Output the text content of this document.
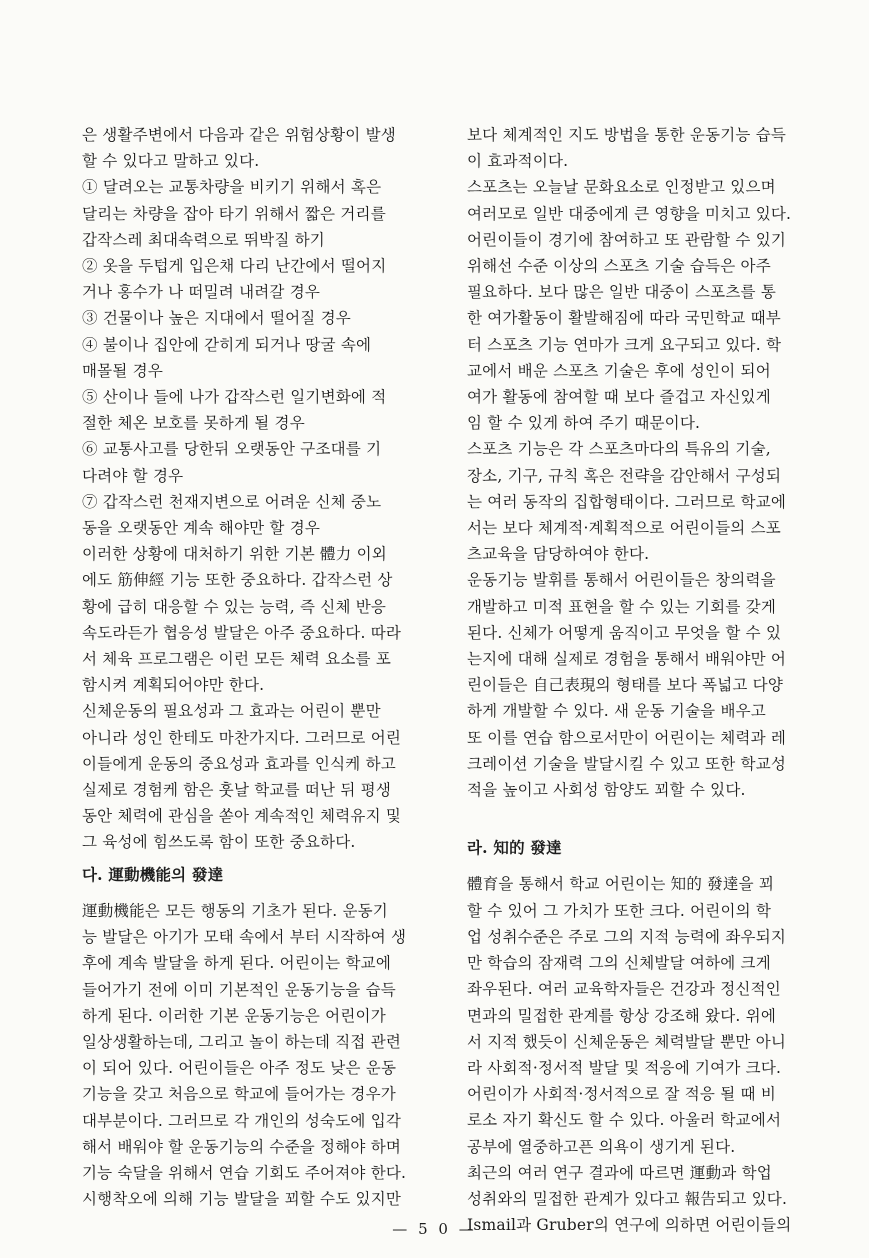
은 생활주변에서 다음과 같은 위험상황이 발생

할 수 있다고 말하고 있다.

① 달려오는 교통차량을 비키기 위해서 혹은

달리는 차량을 잡아 타기 위해서 짧은 거리를

갑작스레 최대속력으로 뛰박질 하기

② 옷을 두텁게 입은채 다리 난간에서 떨어지

거나 홍수가 나 떠밀려 내려갈 경우

③ 건물이나 높은 지대에서 떨어질 경우

④ 불이나 집안에 갇히게 되거나 땅굴 속에

매몰될 경우

⑤ 산이나 들에 나가 갑작스런 일기변화에 적

절한 체온 보호를 못하게 될 경우

⑥ 교통사고를 당한뒤 오랫동안 구조대를 기

다려야 할 경우

⑦ 갑작스런 천재지변으로 어려운 신체 중노

동을 오랫동안 계속 해야만 할 경우

이러한 상황에 대처하기 위한 기본 體力 이외

에도 筋伸經 기능 또한 중요하다. 갑작스런 상

황에 급히 대응할 수 있는 능력, 즉 신체 반응

속도라든가 협응성 발달은 아주 중요하다. 따라

서 체육 프로그램은 이런 모든 체력 요소를 포

함시켜 계획되어야만 한다.

신체운동의 필요성과 그 효과는 어린이 뿐만

아니라 성인 한테도 마찬가지다. 그러므로 어린

이들에게 운동의 중요성과 효과를 인식케 하고

실제로 경험케 함은 훗날 학교를 떠난 뒤 평생

동안 체력에 관심을 쏟아 계속적인 체력유지 및

그 육성에 힘쓰도록 함이 또한 중요하다.

다. 運動機能의 發達

運動機能은 모든 행동의 기초가 된다. 운동기

능 발달은 아기가 모태 속에서 부터 시작하여 생

후에 계속 발달을 하게 된다. 어린이는 학교에

들어가기 전에 이미 기본적인 운동기능을 습득

하게 된다. 이러한 기본 운동기능은 어린이가

일상생활하는데, 그리고 놀이 하는데 직접 관련

이 되어 있다. 어린이들은 아주 정도 낮은 운동

기능을 갖고 처음으로 학교에 들어가는 경우가

대부분이다. 그러므로 각 개인의 성숙도에 입각

해서 배워야 할 운동기능의 수준을 정해야 하며

기능 숙달을 위해서 연습 기회도 주어져야 한다.

시행착오에 의해 기능 발달을 꾀할 수도 있지만

보다 체계적인 지도 방법을 통한 운동기능 습득

이 효과적이다.

스포츠는 오늘날 문화요소로 인정받고 있으며

여러모로 일반 대중에게 큰 영향을 미치고 있다.

어린이들이 경기에 참여하고 또 관람할 수 있기

위해선 수준 이상의 스포츠 기술 습득은 아주

필요하다. 보다 많은 일반 대중이 스포츠를 통

한 여가활동이 활발해짐에 따라 국민학교 때부

터 스포츠 기능 연마가 크게 요구되고 있다. 학

교에서 배운 스포츠 기술은 후에 성인이 되어

여가 활동에 참여할 때 보다 즐겁고 자신있게

임 할 수 있게 하여 주기 때문이다.

스포츠 기능은 각 스포츠마다의 특유의 기술,

장소, 기구, 규칙 혹은 전략을 감안해서 구성되

는 여러 동작의 집합형태이다. 그러므로 학교에

서는 보다 체계적·계획적으로 어린이들의 스포

츠교육을 담당하여야 한다.

운동기능 발휘를 통해서 어린이들은 창의력을

개발하고 미적 표현을 할 수 있는 기회를 갖게

된다. 신체가 어떻게 움직이고 무엇을 할 수 있

는지에 대해 실제로 경험을 통해서 배워야만 어

린이들은 自己表現의 형태를 보다 폭넓고 다양

하게 개발할 수 있다. 새 운동 기술을 배우고

또 이를 연습 함으로서만이 어린이는 체력과 레

크레이션 기술을 발달시킬 수 있고 또한 학교성

적을 높이고 사회성 함양도 꾀할 수 있다.

라. 知的 發達

體育을 통해서 학교 어린이는 知的 發達을 꾀

할 수 있어 그 가치가 또한 크다. 어린이의 학

업 성취수준은 주로 그의 지적 능력에 좌우되지

만 학습의 잠재력 그의 신체발달 여하에 크게

좌우된다. 여러 교육학자들은 건강과 정신적인

면과의 밀접한 관계를 항상 강조해 왔다. 위에

서 지적 했듯이 신체운동은 체력발달 뿐만 아니

라 사회적·정서적 발달 및 적응에 기여가 크다.

어린이가 사회적·정서적으로 잘 적응 될 때 비

로소 자기 확신도 할 수 있다. 아울러 학교에서

공부에 열중하고픈 의욕이 생기게 된다.

최근의 여러 연구 결과에 따르면 運動과 학업

성취와의 밀접한 관계가 있다고 報告되고 있다.

Ismail과 Gruber의 연구에 의하면 어린이들의

— 5 0 —
